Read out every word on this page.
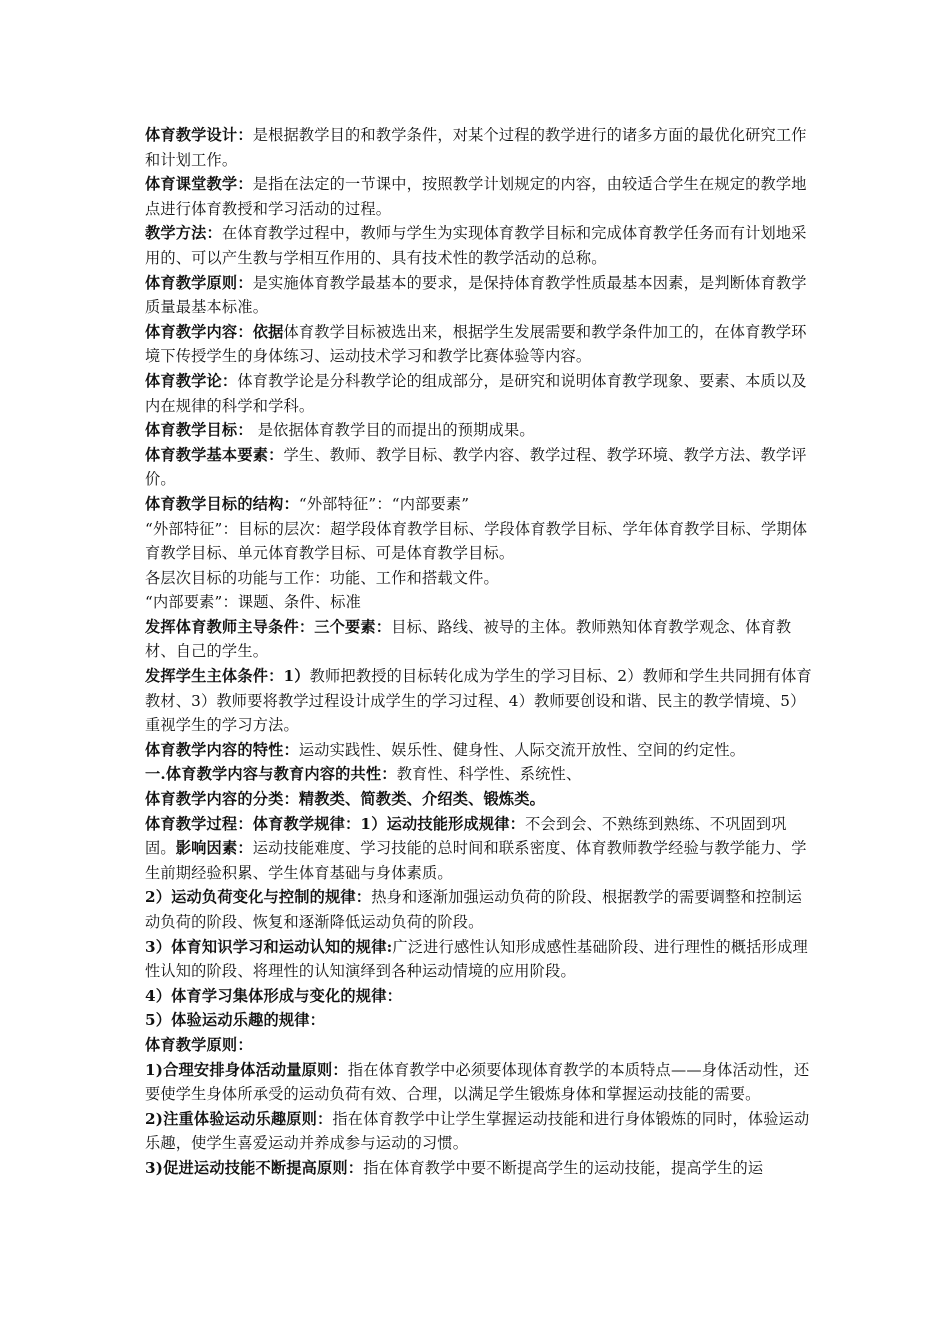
体育教学设计：是根据教学目的和教学条件，对某个过程的教学进行的诸多方面的最优化研究工作和计划工作。

体育课堂教学：是指在法定的一节课中，按照教学计划规定的内容，由较适合学生在规定的教学地点进行体育教授和学习活动的过程。

教学方法：在体育教学过程中，教师与学生为实现体育教学目标和完成体育教学任务而有计划地采用的、可以产生教与学相互作用的、具有技术性的教学活动的总称。

体育教学原则：是实施体育教学最基本的要求，是保持体育教学性质最基本因素，是判断体育教学质量最基本标准。

体育教学内容：依据体育教学目标被选出来，根据学生发展需要和教学条件加工的，在体育教学环境下传授学生的身体练习、运动技术学习和教学比赛体验等内容。

体育教学论：体育教学论是分科教学论的组成部分，是研究和说明体育教学现象、要素、本质以及内在规律的科学和学科。

体育教学目标： 是依据体育教学目的而提出的预期成果。

体育教学基本要素：学生、教师、教学目标、教学内容、教学过程、教学环境、教学方法、教学评价。

体育教学目标的结构：“外部特征”：“内部要素”

“外部特征”：目标的层次：超学段体育教学目标、学段体育教学目标、学年体育教学目标、学期体育教学目标、单元体育教学目标、可是体育教学目标。

各层次目标的功能与工作：功能、工作和搭载文件。

“内部要素”：课题、条件、标准

发挥体育教师主导条件：三个要素：目标、路线、被导的主体。教师熟知体育教学观念、体育教材、自己的学生。

发挥学生主体条件：1）教师把教授的目标转化成为学生的学习目标、2）教师和学生共同拥有体育教材、3）教师要将教学过程设计成学生的学习过程、4）教师要创设和谐、民主的教学情境、5）重视学生的学习方法。

体育教学内容的特性：运动实践性、娱乐性、健身性、人际交流开放性、空间的约定性。

一.体育教学内容与教育内容的共性：教育性、科学性、系统性、

体育教学内容的分类：精教类、简教类、介绍类、锻炼类。

体育教学过程：体育教学规律：1）运动技能形成规律：不会到会、不熟练到熟练、不巩固到巩固。影响因素：运动技能难度、学习技能的总时间和联系密度、体育教师教学经验与教学能力、学生前期经验积累、学生体育基础与身体素质。

2）运动负荷变化与控制的规律：热身和逐渐加强运动负荷的阶段、根据教学的需要调整和控制运动负荷的阶段、恢复和逐渐降低运动负荷的阶段。

3）体育知识学习和运动认知的规律:广泛进行感性认知形成感性基础阶段、进行理性的概括形成理性认知的阶段、将理性的认知演绎到各种运动情境的应用阶段。

4）体育学习集体形成与变化的规律：

5）体验运动乐趣的规律：

体育教学原则：

1)合理安排身体活动量原则：指在体育教学中必须要体现体育教学的本质特点——身体活动性，还要使学生身体所承受的运动负荷有效、合理，以满足学生锻炼身体和掌握运动技能的需要。

2)注重体验运动乐趣原则：指在体育教学中让学生掌握运动技能和进行身体锻炼的同时，体验运动乐趣，使学生喜爱运动并养成参与运动的习惯。

3)促进运动技能不断提高原则：指在体育教学中要不断提高学生的运动技能，提高学生的运
